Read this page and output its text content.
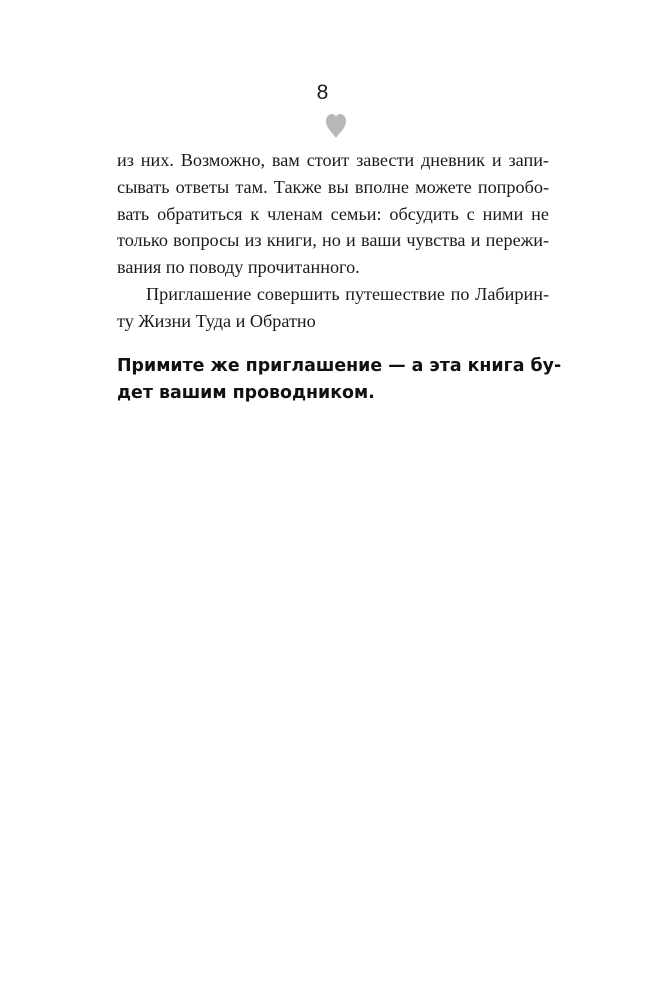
8
из них. Возможно, вам стоит завести дневник и запи-
сывать ответы там. Также вы вполне можете попробо-
вать обратиться к членам семьи: обсудить с ними не
только вопросы из книги, но и ваши чувства и пережи-
вания по поводу прочитанного.
Приглашение совершить путешествие по Лабирин-
ту Жизни Туда и Обратно
Примите же приглашение — а эта книга бу-
дет вашим проводником.
